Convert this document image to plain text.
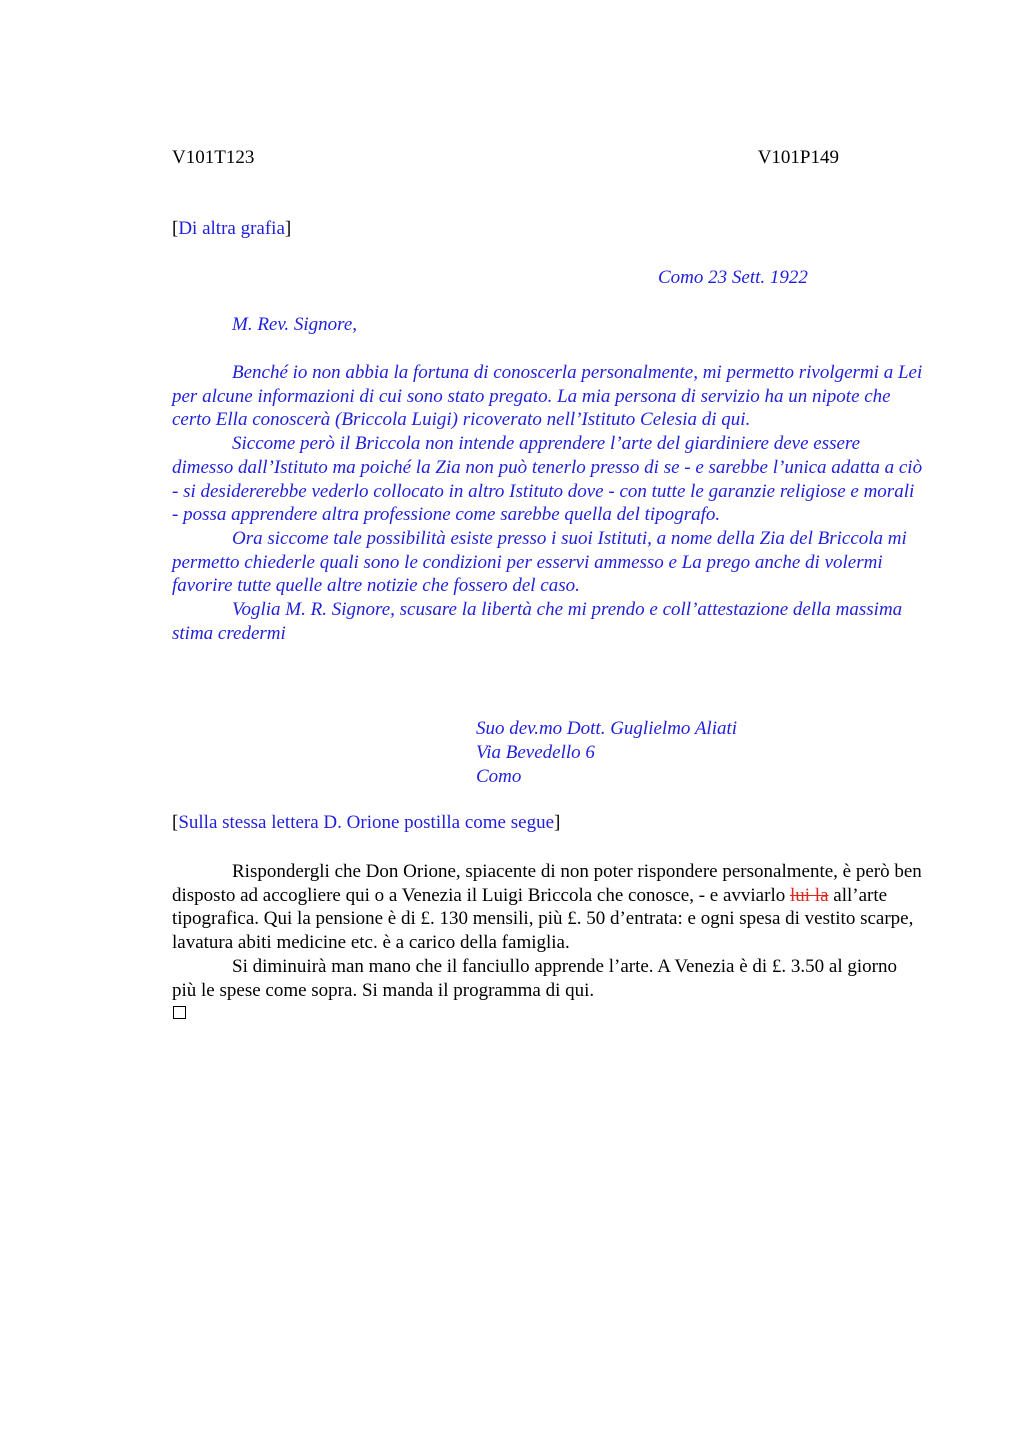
V101T123	V101P149
[Di altra grafia]
Como 23 Sett. 1922
M. Rev. Signore,

Benché io non abbia la fortuna di conoscerla personalmente, mi permetto rivolgermi a Lei per alcune informazioni di cui sono stato pregato. La mia persona di servizio ha un nipote che certo Ella conoscerà (Briccola Luigi) ricoverato nell’Istituto Celesia di qui.

Siccome però il Briccola non intende apprendere l’arte del giardiniere deve essere dimesso dall’Istituto ma poiché la Zia non può tenerlo presso di se - e sarebbe l’unica adatta a ciò - si desidererebbe vederlo collocato in altro Istituto dove - con tutte le garanzie religiose e morali - possa apprendere altra professione come sarebbe quella del tipografo.

Ora siccome tale possibilità esiste presso i suoi Istituti, a nome della Zia del Briccola mi permetto chiederle quali sono le condizioni per esservi ammesso e La prego anche di volermi favorire tutte quelle altre notizie che fossero del caso.

Voglia M. R. Signore, scusare la libertà che mi prendo e coll’attestazione della massima stima credermi

Suo dev.mo Dott. Guglielmo Aliati
Via Bevedello 6
Como
[Sulla stessa lettera D. Orione postilla come segue]

Rispondergli che Don Orione, spiacente di non poter rispondere personalmente, è però ben disposto ad accogliere qui o a Venezia il Luigi Briccola che conosce, - e avviarlo lui la all’arte tipografica. Qui la pensione è di £. 130 mensili, più £. 50 d’entrata: e ogni spesa di vestito scarpe, lavatura abiti medicine etc. è a carico della famiglia.

Si diminuirà man mano che il fanciullo apprende l’arte. A Venezia è di £. 3.50 al giorno più le spese come sopra. Si manda il programma di qui.
